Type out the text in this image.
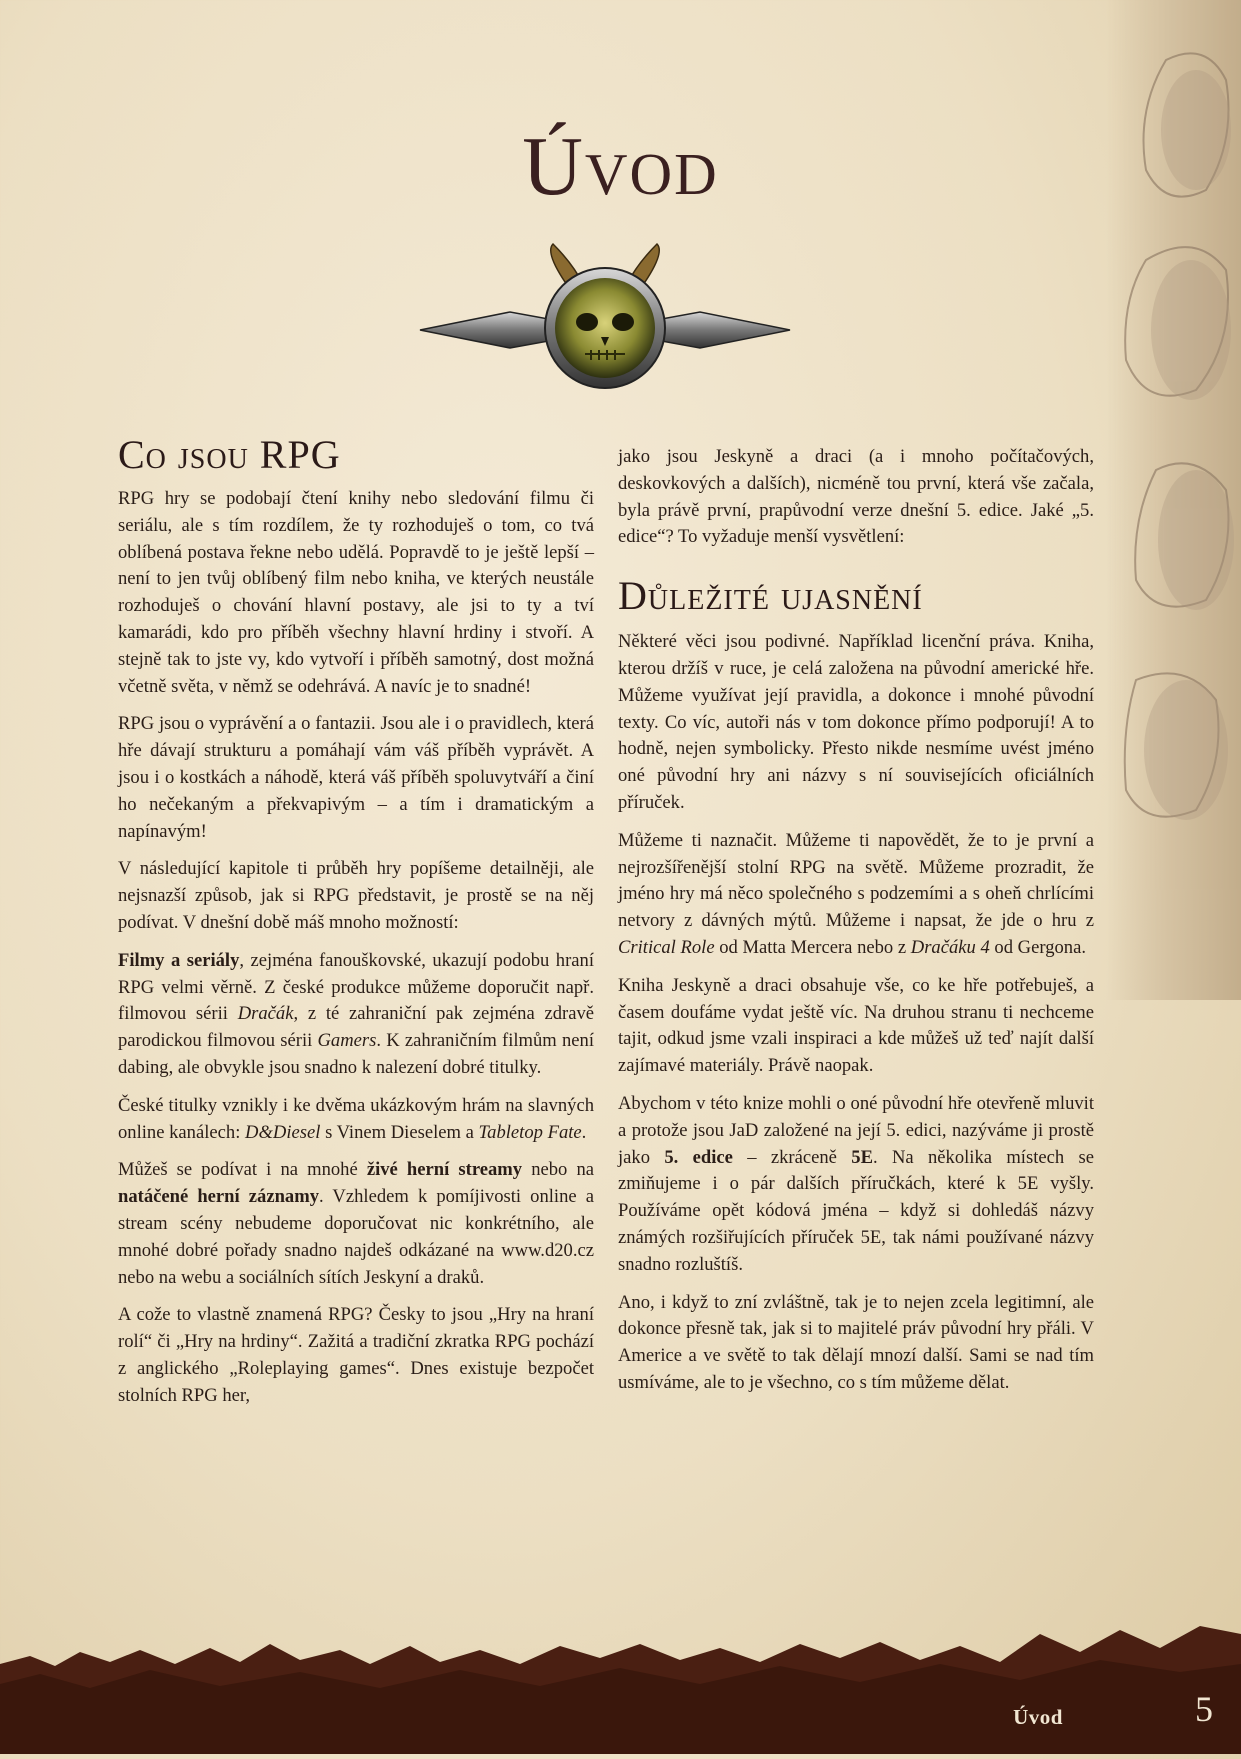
Úvod
Co jsou RPG

RPG hry se podobají čtení knihy nebo sledování filmu či seriálu, ale s tím rozdílem, že ty rozhoduješ o tom, co tvá oblíbená postava řekne nebo udělá. Popravdě to je ještě lepší – není to jen tvůj oblíbený film nebo kniha, ve kterých neustále rozhoduješ o chování hlavní postavy, ale jsi to ty a tví kamarádi, kdo pro příběh všechny hlavní hrdiny i stvoří. A stejně tak to jste vy, kdo vytvoří i příběh samotný, dost možná včetně světa, v němž se odehrává. A navíc je to snadné!

RPG jsou o vyprávění a o fantazii. Jsou ale i o pravidlech, která hře dávají strukturu a pomáhají vám váš příběh vyprávět. A jsou i o kostkách a náhodě, která váš příběh spoluvytváří a činí ho nečekaným a překvapivým – a tím i dramatickým a napínavým!

V následující kapitole ti průběh hry popíšeme detailněji, ale nejsnazší způsob, jak si RPG představit, je prostě se na něj podívat. V dnešní době máš mnoho možností:

Filmy a seriály, zejména fanouškovské, ukazují podobu hraní RPG velmi věrně. Z české produkce můžeme doporučit např. filmovou sérii Dračák, z té zahraniční pak zejména zdravě parodickou filmovou sérii Gamers. K zahraničním filmům není dabing, ale obvykle jsou snadno k nalezení dobré titulky.

České titulky vznikly i ke dvěma ukázkovým hrám na slavných online kanálech: D&Diesel s Vinem Dieselem a Tabletop Fate.

Můžeš se podívat i na mnohé živé herní streamy nebo na natáčené herní záznamy. Vzhledem k pomíjivosti online a stream scény nebudeme doporučovat nic konkrétního, ale mnohé dobré pořady snadno najdeš odkázané na www.d20.cz nebo na webu a sociálních sítích Jeskyní a draků.

A cože to vlastně znamená RPG? Česky to jsou „Hry na hraní rolí“ či „Hry na hrdiny“. Zažitá a tradiční zkratka RPG pochází z anglického „Roleplaying games“. Dnes existuje bezpočet stolních RPG her,

jako jsou Jeskyně a draci (a i mnoho počítačových, deskovkových a dalších), nicméně tou první, která vše začala, byla právě první, prapůvodní verze dnešní 5. edice. Jaké „5. edice“? To vyžaduje menší vysvětlení:

Důležité ujasnění

Některé věci jsou podivné. Například licenční práva. Kniha, kterou držíš v ruce, je celá založena na původní americké hře. Můžeme využívat její pravidla, a dokonce i mnohé původní texty. Co víc, autoři nás v tom dokonce přímo podporují! A to hodně, nejen symbolicky. Přesto nikde nesmíme uvést jméno oné původní hry ani názvy s ní souvisejících oficiálních příruček.

Můžeme ti naznačit. Můžeme ti napovědět, že to je první a nejrozšířenější stolní RPG na světě. Můžeme prozradit, že jméno hry má něco společného s podzemími a s oheň chrlícími netvory z dávných mýtů. Můžeme i napsat, že jde o hru z Critical Role od Matta Mercera nebo z Dračáku 4 od Gergona.

Kniha Jeskyně a draci obsahuje vše, co ke hře potřebuješ, a časem doufáme vydat ještě víc. Na druhou stranu ti nechceme tajit, odkud jsme vzali inspiraci a kde můžeš už teď najít další zajímavé materiály. Právě naopak.

Abychom v této knize mohli o oné původní hře otevřeně mluvit a protože jsou JaD založené na její 5. edici, nazýváme ji prostě jako 5. edice – zkráceně 5E. Na několika místech se zmiňujeme i o pár dalších příručkách, které k 5E vyšly. Používáme opět kódová jména – když si dohledáš názvy známých rozšiřujících příruček 5E, tak námi používané názvy snadno rozluštíš.

Ano, i když to zní zvláštně, tak je to nejen zcela legitimní, ale dokonce přesně tak, jak si to majitelé práv původní hry přáli. V Americe a ve světě to tak dělají mnozí další. Sami se nad tím usmíváme, ale to je všechno, co s tím můžeme dělat.

Úvod	5
